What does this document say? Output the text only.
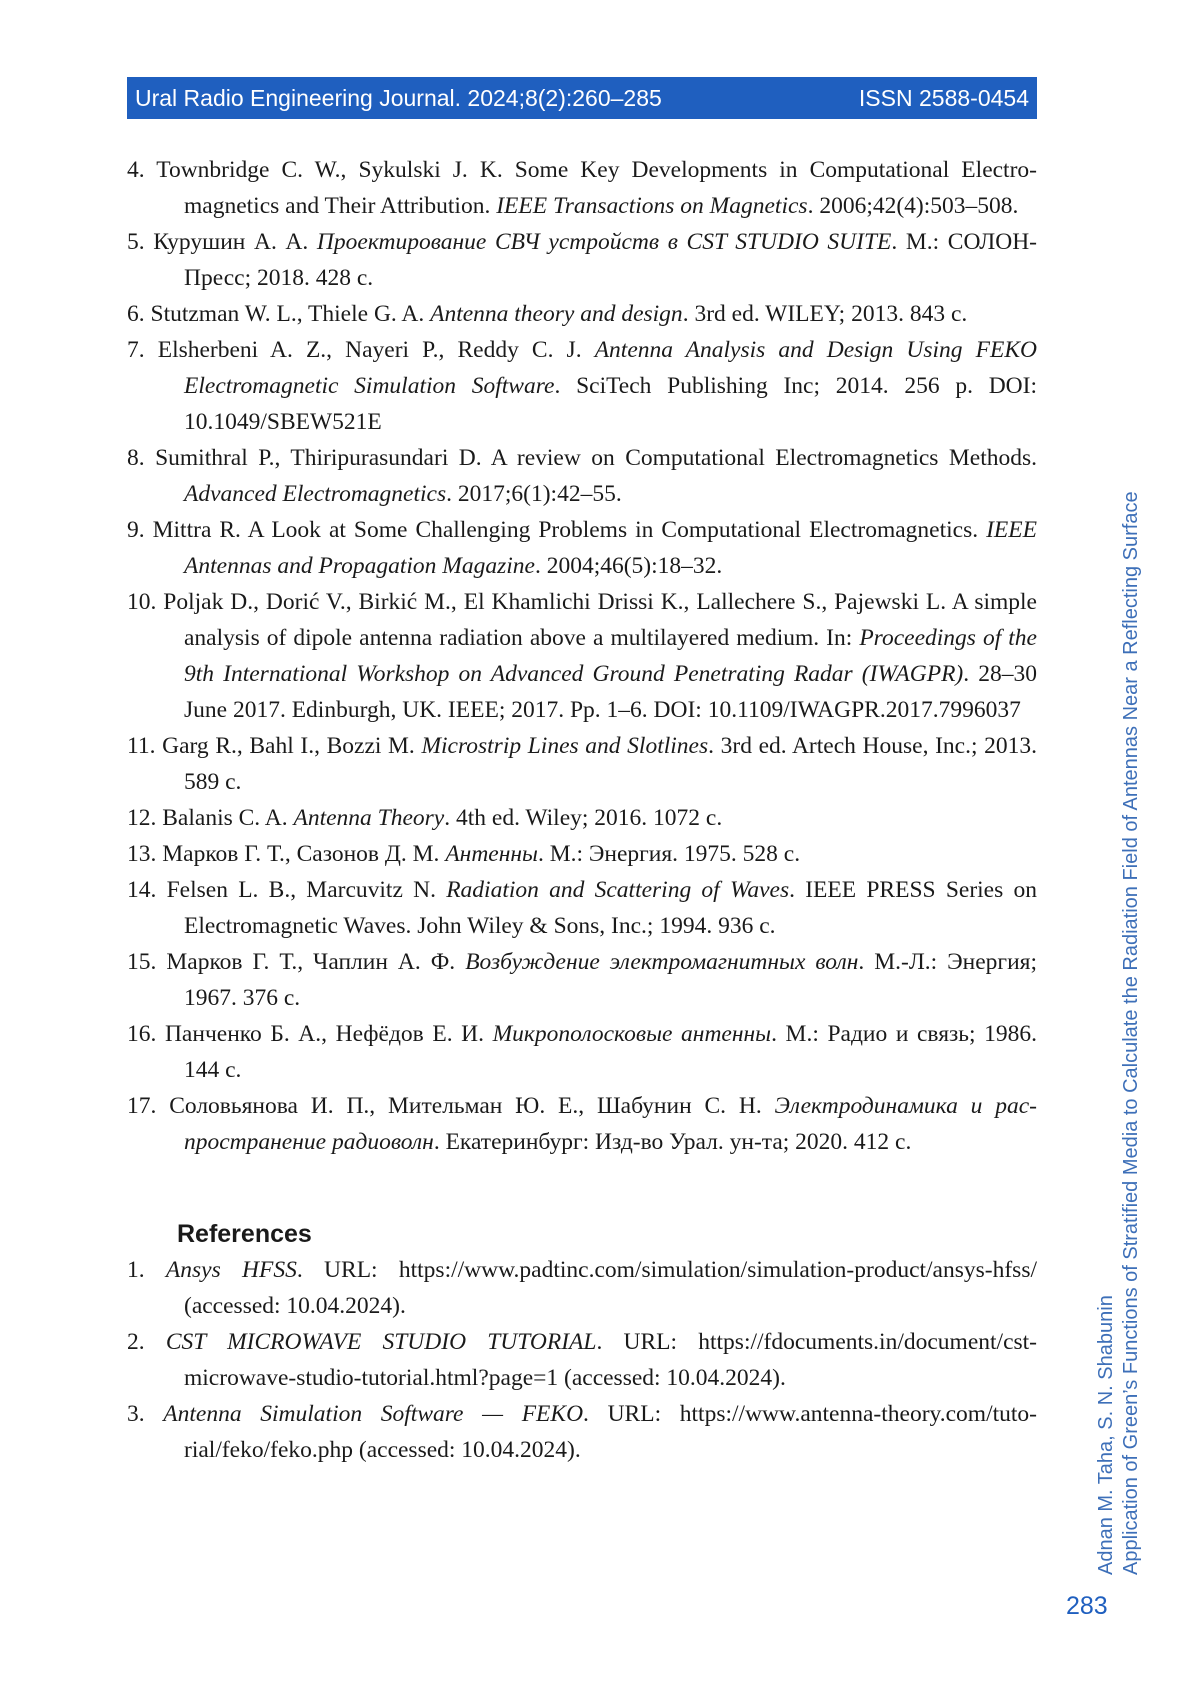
Ural Radio Engineering Journal. 2024;8(2):260–285	ISSN 2588-0454

4. Townbridge C. W., Sykulski J. K. Some Key Developments in Computational Electromagnetics and Their Attribution. IEEE Transactions on Magnetics. 2006;42(4):503–508.

5. Курушин А. А. Проектирование СВЧ устройств в CST STUDIO SUITE. М.: СОЛОН-Пресс; 2018. 428 с.

6. Stutzman W. L., Thiele G. A. Antenna theory and design. 3rd ed. WILEY; 2013. 843 c.

7. Elsherbeni A. Z., Nayeri P., Reddy C. J. Antenna Analysis and Design Using FEKO Electromagnetic Simulation Software. SciTech Publishing Inc; 2014. 256 p. DOI: 10.1049/SBEW521E

8. Sumithral P., Thiripurasundari D. A review on Computational Electromagnetics Methods. Advanced Electromagnetics. 2017;6(1):42–55.

9. Mittra R. A Look at Some Challenging Problems in Computational Electromagnetics. IEEE Antennas and Propagation Magazine. 2004;46(5):18–32.

10. Poljak D., Dorić V., Birkić M., El Khamlichi Drissi K., Lallechere S., Pajewski L. A simple analysis of dipole antenna radiation above a multilayered medium. In: Proceedings of the 9th International Workshop on Advanced Ground Penetrating Radar (IWAGPR). 28–30 June 2017. Edinburgh, UK. IEEE; 2017. Pp. 1–6. DOI: 10.1109/IWAGPR.2017.7996037

11. Garg R., Bahl I., Bozzi M. Microstrip Lines and Slotlines. 3rd ed. Artech House, Inc.; 2013. 589 c.

12. Balanis C. A. Antenna Theory. 4th ed. Wiley; 2016. 1072 c.

13. Марков Г. Т., Сазонов Д. М. Антенны. М.: Энергия. 1975. 528 с.

14. Felsen L. B., Marcuvitz N. Radiation and Scattering of Waves. IEEE PRESS Series on Electromagnetic Waves. John Wiley & Sons, Inc.; 1994. 936 c.

15. Марков Г. Т., Чаплин А. Ф. Возбуждение электромагнитных волн. М.-Л.: Энергия; 1967. 376 с.

16. Панченко Б. А., Нефёдов Е. И. Микрополосковые антенны. М.: Радио и связь; 1986. 144 с.

17. Соловьянова И. П., Мительман Ю. Е., Шабунин С. Н. Электродинамика и распространение радиоволн. Екатеринбург: Изд-во Урал. ун-та; 2020. 412 с.

References

1. Ansys HFSS. URL: https://www.padtinc.com/simulation/simulation-product/ansys-hfss/ (accessed: 10.04.2024).

2. CST MICROWAVE STUDIO TUTORIAL. URL: https://fdocuments.in/document/cst-microwave-studio-tutorial.html?page=1 (accessed: 10.04.2024).

3. Antenna Simulation Software — FEKO. URL: https://www.antenna-theory.com/tutorial/feko/feko.php (accessed: 10.04.2024).	Adnan M. Taha, S. N. Shabunin Application of Green’s Functions of Stratified Media to Calculate the Radiation Field of Antennas Near a Reflecting Surface
283
